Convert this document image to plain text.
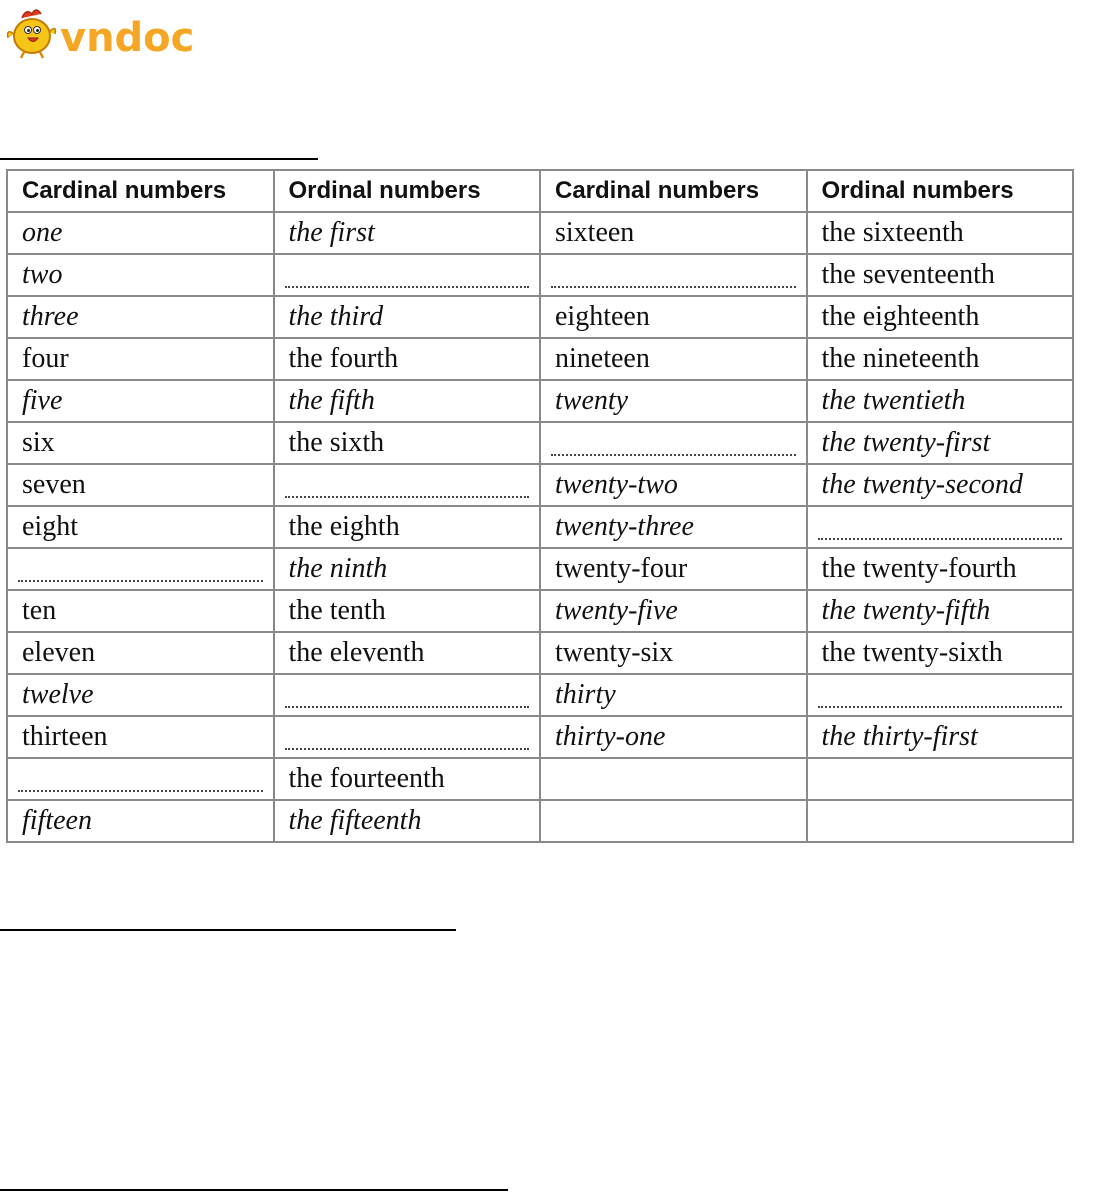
vndoc
Cardinal numbers	Ordinal numbers	Cardinal numbers	Ordinal numbers
one	the first	sixteen	the sixteenth
two			the seventeenth
three	the third	eighteen	the eighteenth
four	the fourth	nineteen	the nineteenth
five	the fifth	twenty	the twentieth
six	the sixth		the twenty-first
seven		twenty-two	the twenty-second
eight	the eighth	twenty-three	

	the ninth	twenty-four	the twenty-fourth
ten	the tenth	twenty-five	the twenty-fifth
eleven	the eleventh	twenty-six	the twenty-sixth
twelve		thirty	

thirteen		thirty-one	the thirty-first

	the fourteenth		
fifteen	the fifteenth		
